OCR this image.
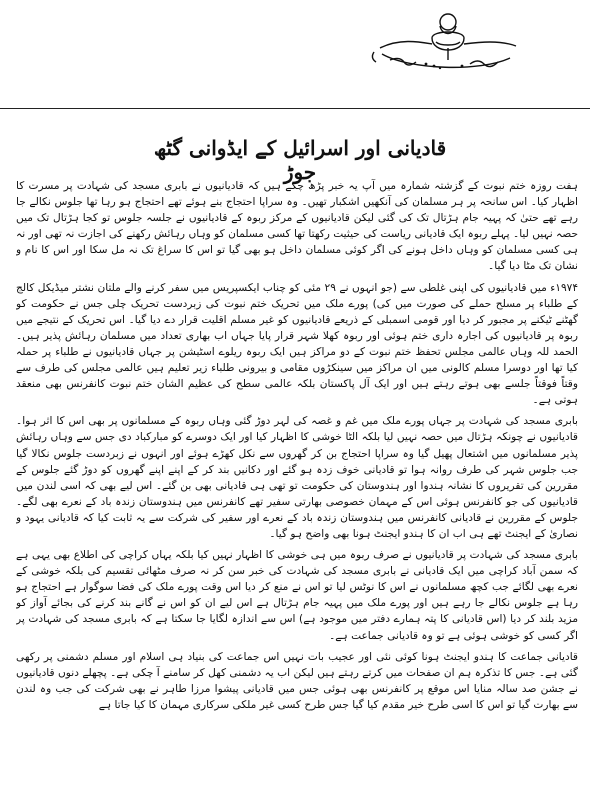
قادیانی اور اسرائیل کے ایڈوانی گٹھ جوڑ

ہفت روزہ ختم نبوت کے گزشتہ شمارہ میں آپ یہ خبر پڑھ چکے ہیں کہ قادیانیوں نے بابری مسجد کی شہادت پر مسرت کا اظہار کیا۔ اس سانحہ پر ہر مسلمان کی آنکھیں اشکبار تھیں۔ وہ سراپا احتجاج بنے ہوئے تھے احتجاج ہو رہا تھا جلوس نکالے جا رہے تھے حتیٰ کہ پہیہ جام ہڑتال تک کی گئی لیکن قادیانیوں کے مرکز ربوہ کے قادیانیوں نے جلسہ جلوس تو کجا ہڑتال تک میں حصہ نہیں لیا۔ پہلے ربوہ ایک قادیانی ریاست کی حیثیت رکھتا تھا کسی مسلمان کو وہاں رہائش رکھنے کی اجازت نہ تھی اور نہ ہی کسی مسلمان کو وہاں داخل ہونے کی اگر کوئی مسلمان داخل ہو بھی گیا تو اس کا سراغ تک نہ مل سکا اور اس کا نام و نشان تک مٹا دیا گیا۔

۱۹۷۴ء میں قادیانیوں کی اپنی غلطی سے (جو انہوں نے ۲۹ مئی کو چناب ایکسپریس میں سفر کرنے والے ملتان نشتر میڈیکل کالج کے طلباء پر مسلح حملے کی صورت میں کی) پورے ملک میں تحریک ختم نبوت کی زبردست تحریک چلی جس نے حکومت کو گھٹنے ٹیکنے پر مجبور کر دیا اور قومی اسمبلی کے ذریعے قادیانیوں کو غیر مسلم اقلیت قرار دے دیا گیا۔ اس تحریک کے نتیجے میں ربوہ پر قادیانیوں کی اجارہ داری ختم ہوئی اور ربوہ کھلا شہر قرار پایا جہاں اب بھاری تعداد میں مسلمان رہائش پذیر ہیں۔ الحمد للہ وہاں عالمی مجلس تحفظ ختم نبوت کے دو مراکز ہیں ایک ربوہ ریلوے اسٹیشن پر جہاں قادیانیوں نے طلباء پر حملہ کیا تھا اور دوسرا مسلم کالونی میں ان مراکز میں سینکڑوں مقامی و بیرونی طلباء زیر تعلیم ہیں عالمی مجلس کی طرف سے وقتاً فوقتاً جلسے بھی ہوتے رہتے ہیں اور ایک آل پاکستان بلکہ عالمی سطح کی عظیم الشان ختم نبوت کانفرنس بھی منعقد ہوتی ہے۔

بابری مسجد کی شہادت پر جہاں پورے ملک میں غم و غصہ کی لہر دوڑ گئی وہاں ربوہ کے مسلمانوں پر بھی اس کا اثر ہوا۔ قادیانیوں نے چونکہ ہڑتال میں حصہ نہیں لیا بلکہ الٹا خوشی کا اظہار کیا اور ایک دوسرے کو مبارکباد دی جس سے وہاں رہائش پذیر مسلمانوں میں اشتعال پھیل گیا وہ سراپا احتجاج بن کر گھروں سے نکل کھڑے ہوئے اور انہوں نے زبردست جلوس نکالا گیا جب جلوس شہر کی طرف روانہ ہوا تو قادیانی خوف زدہ ہو گئے اور دکانیں بند کر کے اپنے اپنے گھروں کو دوڑ گئے جلوس کے مقررین کی تقریروں کا نشانہ ہندوا اور ہندوستان کی حکومت تو تھی ہی قادیانی بھی بن گئے۔ اس لیے بھی کہ اسی لندن میں قادیانیوں کی جو کانفرنس ہوئی اس کے مہمان خصوصی بھارتی سفیر تھے کانفرنس میں ہندوستان زندہ باد کے نعرے بھی لگے۔ جلوس کے مقررین نے قادیانی کانفرنس میں ہندوستان زندہ باد کے نعرے اور سفیر کی شرکت سے یہ ثابت کیا کہ قادیانی یہود و نصاریٰ کے ایجنٹ تھے ہی اب ان کا ہندو ایجنٹ ہونا بھی واضح ہو گیا۔

بابری مسجد کی شہادت پر قادیانیوں نے صرف ربوہ میں ہی خوشی کا اظہار نہیں کیا بلکہ یہاں کراچی کی اطلاع بھی یہی ہے کہ سمن آباد کراچی میں ایک قادیانی نے بابری مسجد کی شہادت کی خبر سن کر نہ صرف مٹھائی تقسیم کی بلکہ خوشی کے نعرے بھی لگائے جب کچھ مسلمانوں نے اس کا نوٹس لیا تو اس نے منع کر دیا اس وقت پورے ملک کی فضا سوگوار ہے احتجاج ہو رہا ہے جلوس نکالے جا رہے ہیں اور پورے ملک میں پہیہ جام ہڑتال ہے اس لیے ان کو اس نے گانے بند کرنے کی بجائے آواز کو مزید بلند کر دیا (اس قادیانی کا پتہ ہمارے دفتر میں موجود ہے) اس سے اندازہ لگایا جا سکتا ہے کہ بابری مسجد کی شہادت پر اگر کسی کو خوشی ہوئی ہے تو وہ قادیانی جماعت ہے۔

قادیانی جماعت کا ہندو ایجنٹ ہونا کوئی نئی اور عجیب بات نہیں اس جماعت کی بنیاد ہی اسلام اور مسلم دشمنی پر رکھی گئی ہے۔ جس کا تذکرہ ہم ان صفحات میں کرتے رہتے ہیں لیکن اب یہ دشمنی کھل کر سامنے آ چکی ہے۔ پچھلے دنوں قادیانیوں نے جشن صد سالہ منایا اس موقع پر کانفرنس بھی ہوئی جس میں قادیانی پیشوا مرزا طاہر نے بھی شرکت کی جب وہ لندن سے بھارت گیا تو اس کا اسی طرح خیر مقدم کیا گیا جس طرح کسی غیر ملکی سرکاری مہمان کا کیا جاتا ہے
